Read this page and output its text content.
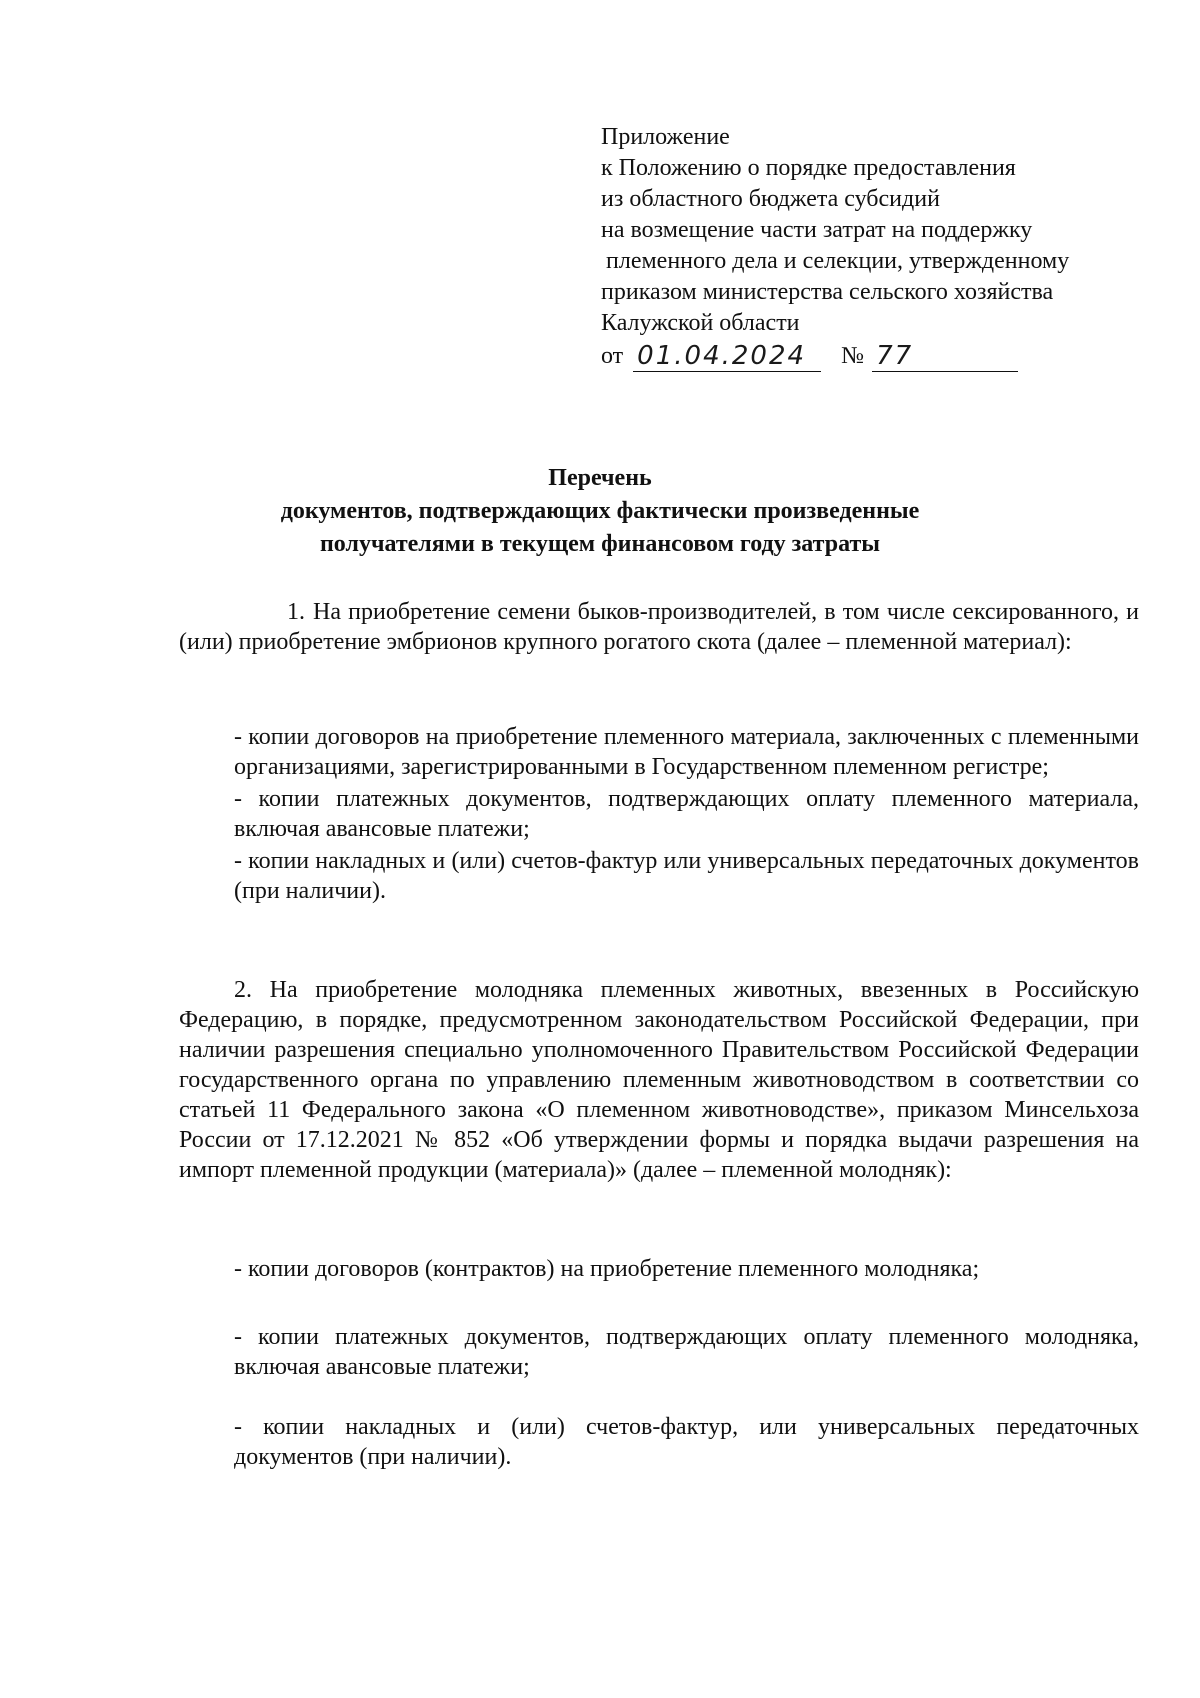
Приложение
к Положению о порядке предоставления
из областного бюджета субсидий
на возмещение части затрат на поддержку
племенного дела и селекции, утвержденному
приказом министерства сельского хозяйства
Калужской области
от 01.04.2024	№ 77
Перечень
документов, подтверждающих фактически произведенные
получателями в текущем финансовом году затраты

1. На приобретение семени быков-производителей, в том числе сексированного, и (или) приобретение эмбрионов крупного рогатого скота (далее – племенной материал):

- копии договоров на приобретение племенного материала, заключенных с племенными организациями, зарегистрированными в Государственном племенном регистре;

- копии платежных документов, подтверждающих оплату племенного материала, включая авансовые платежи;

- копии накладных и (или) счетов-фактур или универсальных передаточных документов (при наличии).

2. На приобретение молодняка племенных животных, ввезенных в Российскую Федерацию, в порядке, предусмотренном законодательством Российской Федерации, при наличии разрешения специально уполномоченного Правительством Российской Федерации государственного органа по управлению племенным животноводством в соответствии со статьей 11 Федерального закона «О племенном животноводстве», приказом Минсельхоза России от 17.12.2021 № 852 «Об утверждении формы и порядка выдачи разрешения на импорт племенной продукции (материала)» (далее – племенной молодняк):

- копии договоров (контрактов) на приобретение племенного молодняка;

- копии платежных документов, подтверждающих оплату племенного молодняка, включая авансовые платежи;

- копии накладных и (или) счетов-фактур, или универсальных передаточных документов (при наличии).
